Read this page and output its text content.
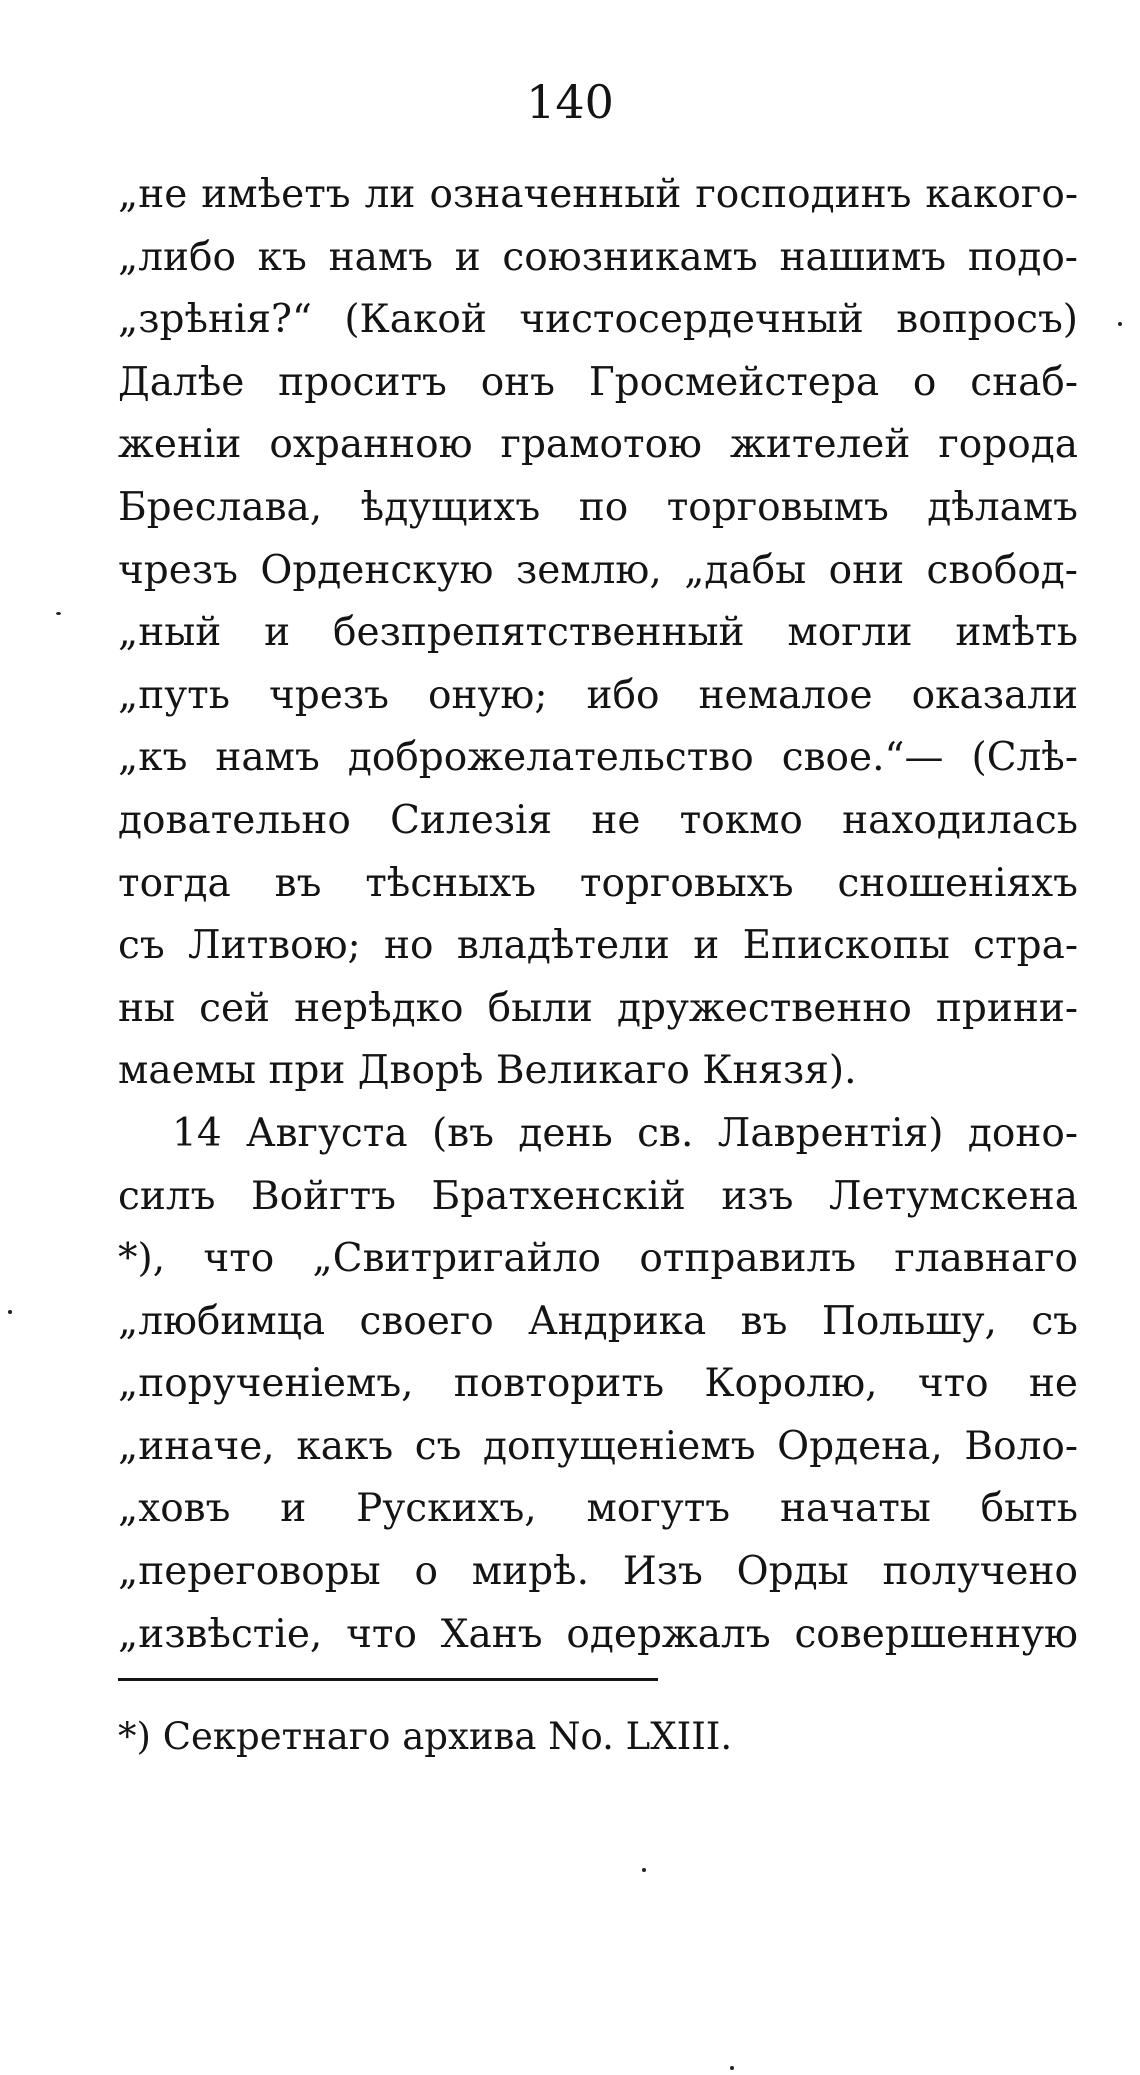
140
„не имѣетъ ли означенный господинъ какого-
„либо къ намъ и союзникамъ нашимъ подо-
„зрѣнія?“ (Какой чистосердечный вопросъ)
Далѣе проситъ онъ Гросмейстера о снаб-
женіи охранною грамотою жителей города
Бреслава, ѣдущихъ по торговымъ дѣламъ
чрезъ Орденскую землю, „дабы они свобод-
„ный и безпрепятственный могли имѣть
„путь чрезъ оную; ибо немалое оказали
„къ намъ доброжелательство свое.“— (Слѣ-
довательно Силезія не токмо находилась
тогда въ тѣсныхъ торговыхъ сношеніяхъ
съ Литвою; но владѣтели и Епископы стра-
ны сей нерѣдко были дружественно прини-
маемы при Дворѣ Великаго Князя).
14 Августа (въ день св. Лаврентія) доно-
силъ Войгтъ Братхенскій изъ Летумскена
*), что „Свитригайло отправилъ главнаго
„любимца своего Андрика въ Польшу, съ
„порученіемъ, повторить Королю, что не
„иначе, какъ съ допущеніемъ Ордена, Воло-
„ховъ и Рускихъ, могутъ начаты быть
„переговоры о мирѣ. Изъ Орды получено
„извѣстіе, что Ханъ одержалъ совершенную
*) Секретнаго архива No. LXIII.
